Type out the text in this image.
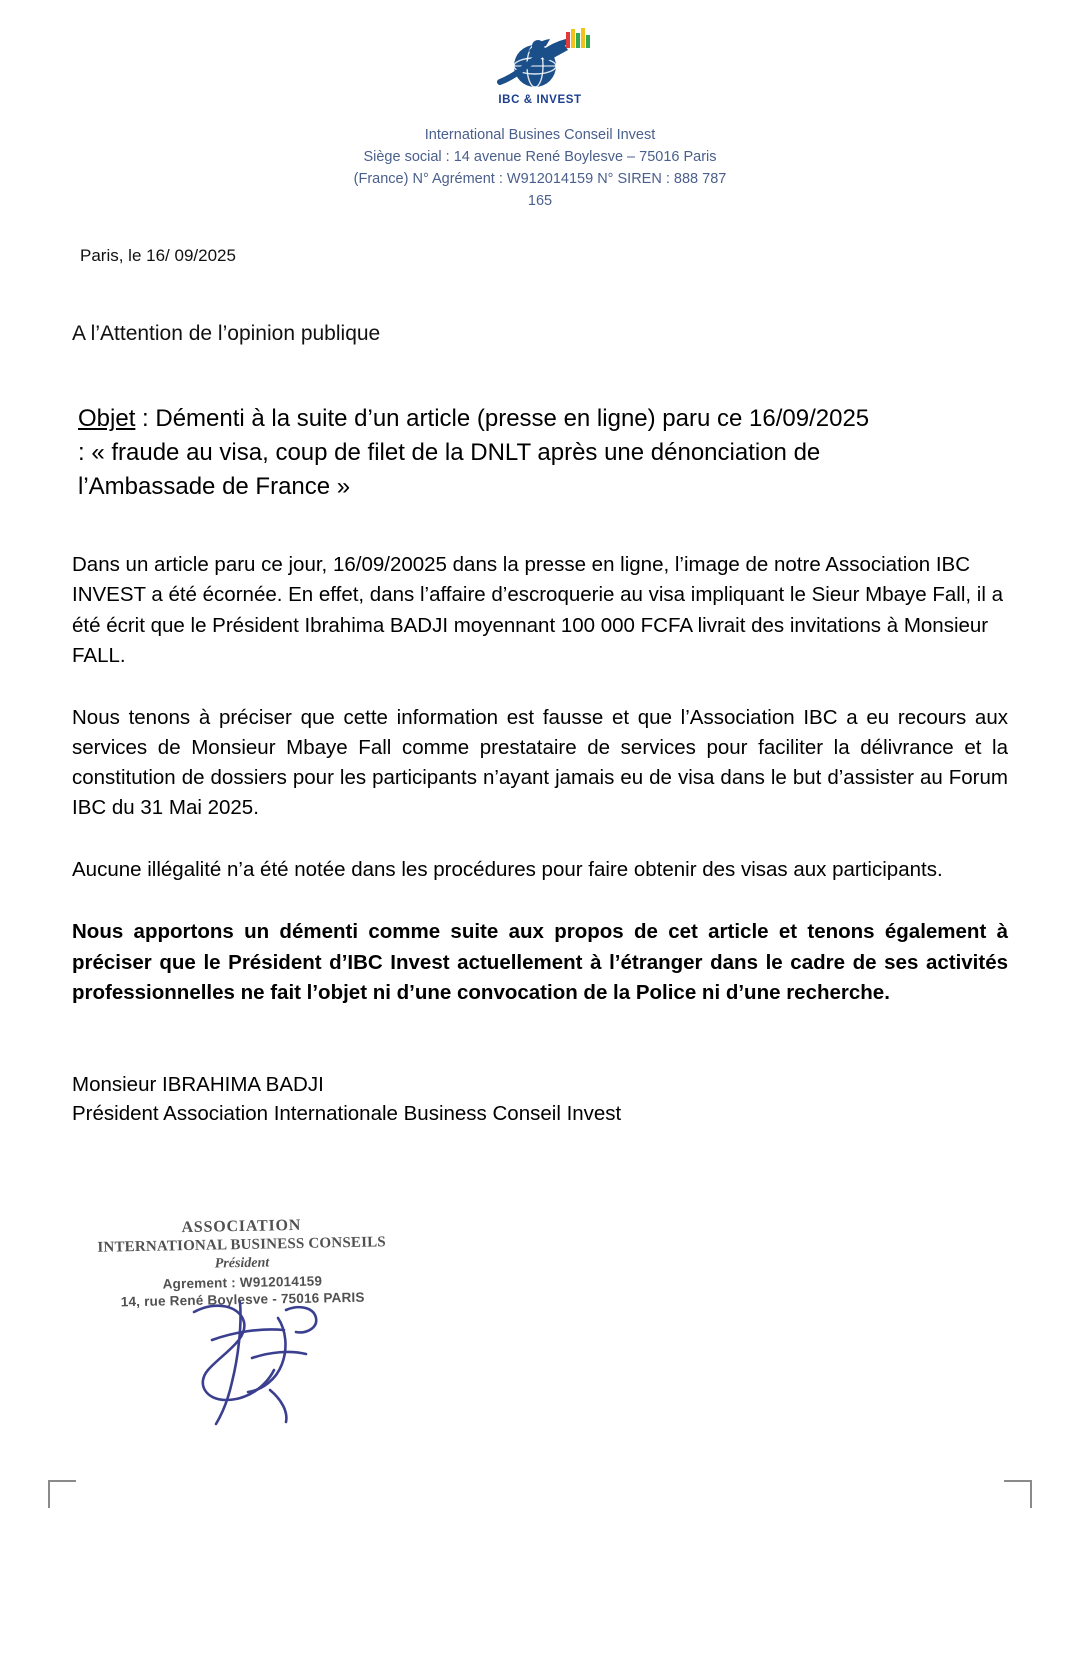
IBC & INVEST
International Busines Conseil Invest
Siège social : 14 avenue René Boylesve – 75016 Paris
(France) N° Agrément : W912014159 N° SIREN : 888 787
165
Paris, le 16/ 09/2025
A l’Attention de l’opinion publique
Objet : Démenti à la suite d’un article (presse en ligne) paru ce 16/09/2025 : « fraude au visa, coup de filet de la DNLT après une dénonciation de l’Ambassade de France »
Dans un article paru ce jour, 16/09/20025 dans la presse en ligne, l’image de notre Association IBC INVEST a été écornée. En effet, dans l’affaire d’escroquerie au visa impliquant le Sieur Mbaye Fall, il a été écrit que le Président Ibrahima BADJI moyennant 100 000 FCFA livrait des invitations à Monsieur FALL.
Nous tenons à préciser que cette information est fausse et que l’Association IBC a eu recours aux services de Monsieur Mbaye Fall comme prestataire de services pour faciliter la délivrance et la constitution de dossiers pour les participants n’ayant jamais eu de visa dans le but d’assister au Forum IBC du 31 Mai 2025.
Aucune illégalité n’a été notée dans les procédures pour faire obtenir des visas aux participants.
Nous apportons un démenti comme suite aux propos de cet article et tenons également à préciser que le Président d’IBC Invest actuellement à l’étranger dans le cadre de ses activités professionnelles ne fait l’objet ni d’une convocation de la Police ni d’une recherche.
Monsieur IBRAHIMA BADJI
Président Association Internationale Business Conseil Invest
ASSOCIATION
INTERNATIONAL BUSINESS CONSEILS
Président
Agrement : W912014159
14, rue René Boylesve - 75016 PARIS
